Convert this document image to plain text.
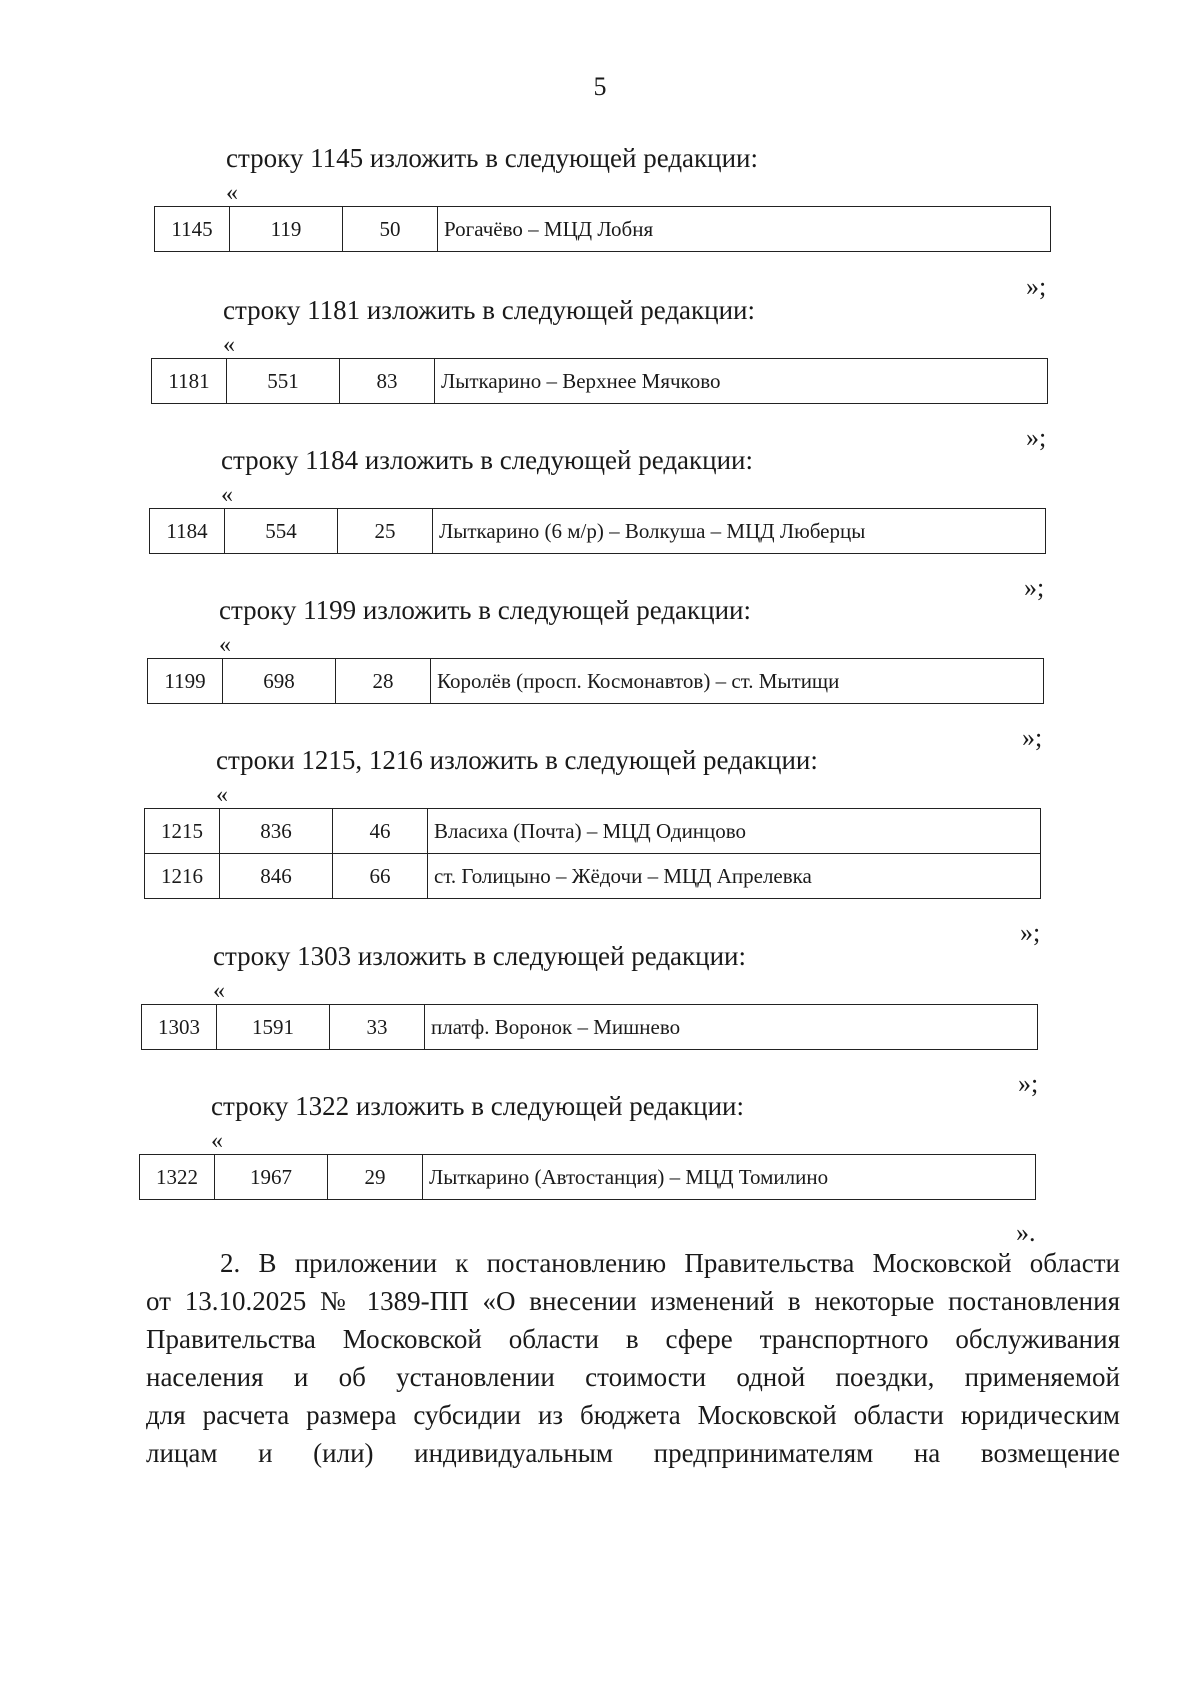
5
строку 1145 изложить в следующей редакции:
«
1145	119	50	Рогачёво – МЦД Лобня
»;
строку 1181 изложить в следующей редакции:
«
1181	551	83	Лыткарино – Верхнее Мячково
»;
строку 1184 изложить в следующей редакции:
«
1184	554	25	Лыткарино (6 м/р) – Волкуша – МЦД Люберцы
»;
строку 1199 изложить в следующей редакции:
«
1199	698	28	Королёв (просп. Космонавтов) – ст. Мытищи
»;
строки 1215, 1216 изложить в следующей редакции:
«
1215	836	46	Власиха (Почта) – МЦД Одинцово
1216	846	66	ст. Голицыно – Жёдочи – МЦД Апрелевка
»;
строку 1303 изложить в следующей редакции:
«
1303	1591	33	платф. Воронок – Мишнево
»;
строку 1322 изложить в следующей редакции:
«
1322	1967	29	Лыткарино (Автостанция) – МЦД Томилино
».
2. В приложении к постановлению Правительства Московской области
от 13.10.2025 № 1389-ПП «О внесении изменений в некоторые постановления
Правительства Московской области в сфере транспортного обслуживания
населения и об установлении стоимости одной поездки, применяемой
для расчета размера субсидии из бюджета Московской области юридическим
лицам и (или) индивидуальным предпринимателям на возмещение
